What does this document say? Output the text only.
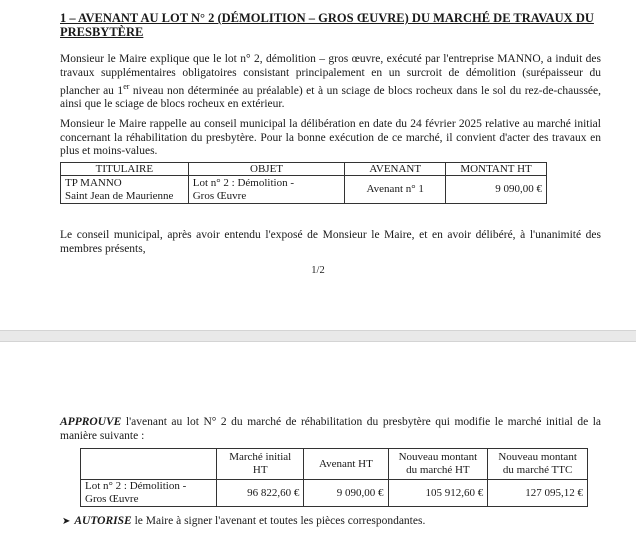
1 – AVENANT AU LOT N° 2 (DÉMOLITION – GROS ŒUVRE) DU MARCHÉ DE TRAVAUX DU PRESBYTÈRE
Monsieur le Maire explique que le lot n° 2, démolition – gros œuvre, exécuté par l'entreprise MANNO, a induit des travaux supplémentaires obligatoires consistant principalement en un surcroit de démolition (surépaisseur du plancher au 1er niveau non déterminée au préalable) et à un sciage de blocs rocheux dans le sol du rez-de-chaussée, ainsi que le sciage de blocs rocheux en extérieur.
Monsieur le Maire rappelle au conseil municipal la délibération en date du 24 février 2025 relative au marché initial concernant la réhabilitation du presbytère. Pour la bonne exécution de ce marché, il convient d'acter des travaux en plus et moins-values.
TITULAIRE	OBJET	AVENANT	MONTANT HT

TP MANNO
Saint Jean de Maurienne

Lot n° 2 : Démolition -
Gros Œuvre
	Avenant n° 1	9 090,00 €
Le conseil municipal, après avoir entendu l'exposé de Monsieur le Maire, et en avoir délibéré, à l'unanimité des membres présents,
1/2
APPROUVE l'avenant au lot N° 2 du marché de réhabilitation du presbytère qui modifie le marché initial de la manière suivante :

Marché initial
HT
	Avenant HT	
Nouveau montant
du marché HT

Nouveau montant
du marché TTC

Lot n° 2 : Démolition -
Gros Œuvre
	96 822,60 €	9 090,00 €	105 912,60 €	127 095,12 €
➤ AUTORISE le Maire à signer l'avenant et toutes les pièces correspondantes.
